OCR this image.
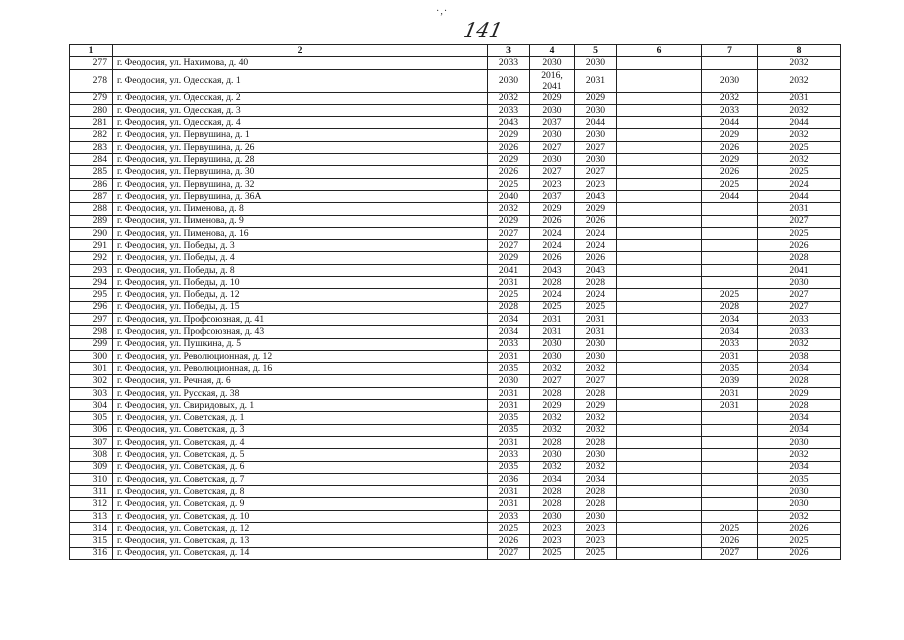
·,·
141
1	2	3	4	5	6	7	8
277	г. Феодосия, ул. Нахимова, д. 40	2033	2030	2030			2032
278	г. Феодосия, ул. Одесская, д. 1	2030	2016, 2041	2031		2030	2032
279	г. Феодосия, ул. Одесская, д. 2	2032	2029	2029		2032	2031
280	г. Феодосия, ул. Одесская, д. 3	2033	2030	2030		2033	2032
281	г. Феодосия, ул. Одесская, д. 4	2043	2037	2044		2044	2044
282	г. Феодосия, ул. Первушина, д. 1	2029	2030	2030		2029	2032
283	г. Феодосия, ул. Первушина, д. 26	2026	2027	2027		2026	2025
284	г. Феодосия, ул. Первушина, д. 28	2029	2030	2030		2029	2032
285	г. Феодосия, ул. Первушина, д. 30	2026	2027	2027		2026	2025
286	г. Феодосия, ул. Первушина, д. 32	2025	2023	2023		2025	2024
287	г. Феодосия, ул. Первушина, д. 36А	2040	2037	2043		2044	2044
288	г. Феодосия, ул. Пименова, д. 8	2032	2029	2029			2031
289	г. Феодосия, ул. Пименова, д. 9	2029	2026	2026			2027
290	г. Феодосия, ул. Пименова, д. 16	2027	2024	2024			2025
291	г. Феодосия, ул. Победы, д. 3	2027	2024	2024			2026
292	г. Феодосия, ул. Победы, д. 4	2029	2026	2026			2028
293	г. Феодосия, ул. Победы, д. 8	2041	2043	2043			2041
294	г. Феодосия, ул. Победы, д. 10	2031	2028	2028			2030
295	г. Феодосия, ул. Победы, д. 12	2025	2024	2024		2025	2027
296	г. Феодосия, ул. Победы, д. 15	2028	2025	2025		2028	2027
297	г. Феодосия, ул. Профсоюзная, д. 41	2034	2031	2031		2034	2033
298	г. Феодосия, ул. Профсоюзная, д. 43	2034	2031	2031		2034	2033
299	г. Феодосия, ул. Пушкина, д. 5	2033	2030	2030		2033	2032
300	г. Феодосия, ул. Революционная, д. 12	2031	2030	2030		2031	2038
301	г. Феодосия, ул. Революционная, д. 16	2035	2032	2032		2035	2034
302	г. Феодосия, ул. Речная, д. 6	2030	2027	2027		2039	2028
303	г. Феодосия, ул. Русская, д. 38	2031	2028	2028		2031	2029
304	г. Феодосия, ул. Свиридовых, д. 1	2031	2029	2029		2031	2028
305	г. Феодосия, ул. Советская, д. 1	2035	2032	2032			2034
306	г. Феодосия, ул. Советская, д. 3	2035	2032	2032			2034
307	г. Феодосия, ул. Советская, д. 4	2031	2028	2028			2030
308	г. Феодосия, ул. Советская, д. 5	2033	2030	2030			2032
309	г. Феодосия, ул. Советская, д. 6	2035	2032	2032			2034
310	г. Феодосия, ул. Советская, д. 7	2036	2034	2034			2035
311	г. Феодосия, ул. Советская, д. 8	2031	2028	2028			2030
312	г. Феодосия, ул. Советская, д. 9	2031	2028	2028			2030
313	г. Феодосия, ул. Советская, д. 10	2033	2030	2030			2032
314	г. Феодосия, ул. Советская, д. 12	2025	2023	2023		2025	2026
315	г. Феодосия, ул. Советская, д. 13	2026	2023	2023		2026	2025
316	г. Феодосия, ул. Советская, д. 14	2027	2025	2025		2027	2026
